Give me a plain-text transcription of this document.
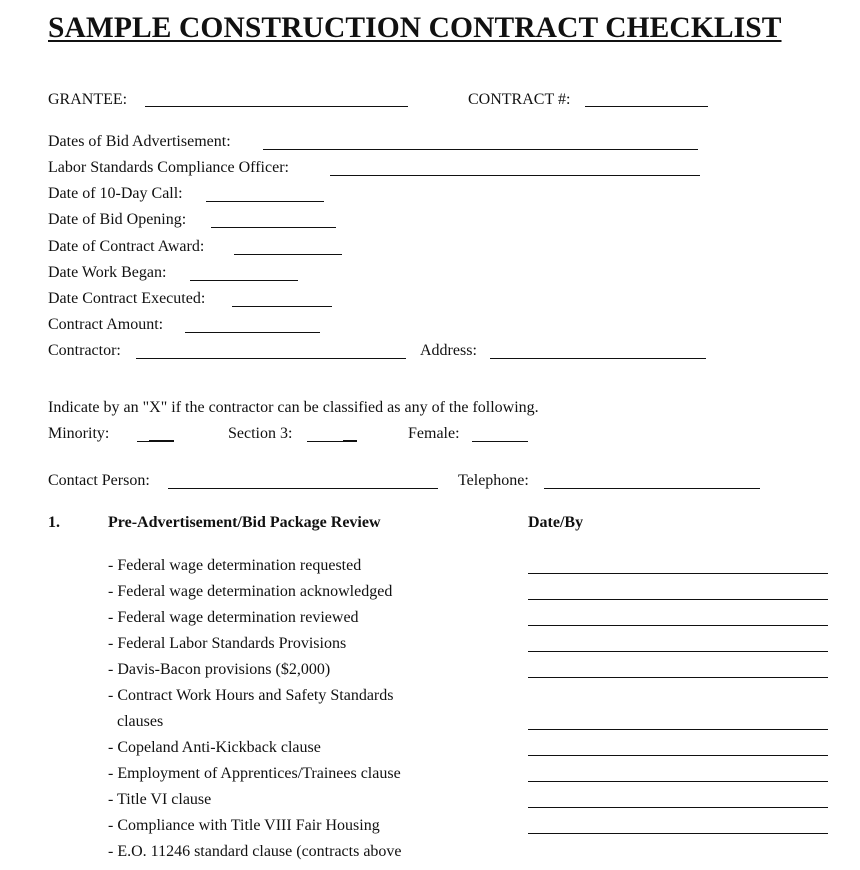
SAMPLE CONSTRUCTION CONTRACT CHECKLIST
GRANTEE:	CONTRACT #:
Dates of Bid Advertisement:
Labor Standards Compliance Officer:
Date of 10-Day Call:
Date of Bid Opening:
Date of Contract Award:
Date Work Began:
Date Contract Executed:
Contract Amount:
Contractor:	Address:
Indicate by an "X" if the contractor can be classified as any of the following.
Minority:	Section 3:	Female:
Contact Person:	Telephone:
1.	Pre-Advertisement/Bid Package Review	Date/By
- Federal wage determination requested
- Federal wage determination acknowledged
- Federal wage determination reviewed
- Federal Labor Standards Provisions
- Davis-Bacon provisions ($2,000)
- Contract Work Hours and Safety Standards
clauses
- Copeland Anti-Kickback clause
- Employment of Apprentices/Trainees clause
- Title VI clause
- Compliance with Title VIII Fair Housing
- E.O. 11246 standard clause (contracts above
